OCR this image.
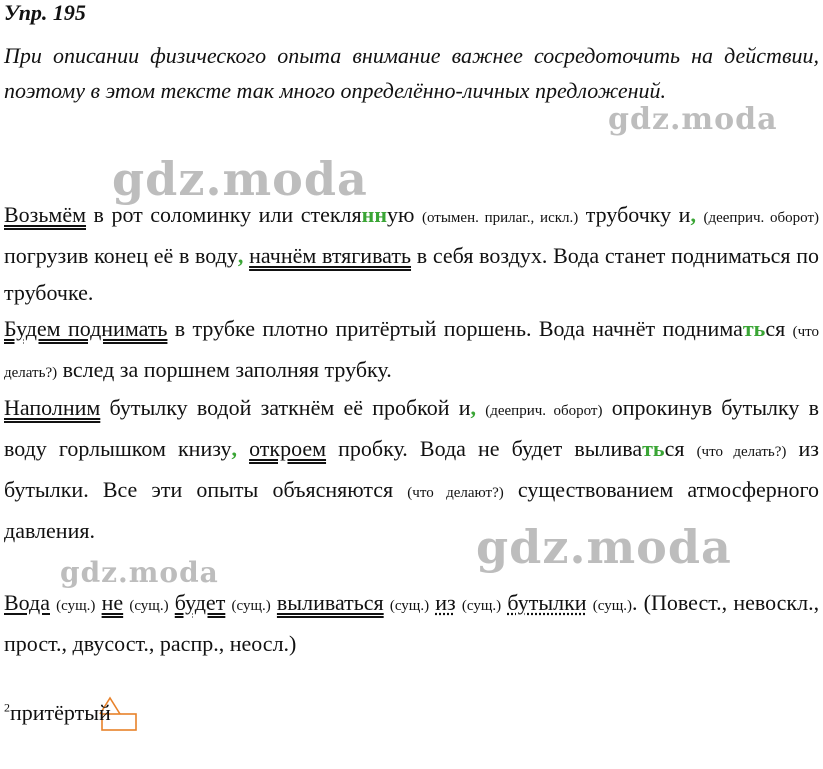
Упр. 195
При описании физического опыта внимание важнее сосредоточить на действии, поэтому в этом тексте так много определённо-личных предложений.
gdz.moda
gdz.moda
gdz.moda
gdz.moda
Возьмём в рот соломинку или стеклянную (отымен. прилаг., искл.) трубочку и, (дееприч. оборот) погрузив конец её в воду, начнём втягивать в себя воздух. Вода станет подниматься по трубочке.
Будем поднимать в трубке плотно притёртый поршень. Вода начнёт подниматься (что делать?) вслед за поршнем заполняя трубку.
Наполним бутылку водой заткнём её пробкой и, (дееприч. оборот) опрокинув бутылку в воду горлышком книзу, откроем пробку. Вода не будет выливаться (что делать?) из бутылки. Все эти опыты объясняются (что делают?) существованием атмосферного давления.
Вода (сущ.) не (сущ.) будет (сущ.) выливаться (сущ.) из (сущ.) бутылки (сущ.). (Повест., невоскл., прост., двусост., распр., неосл.)
$^2$притёртый
